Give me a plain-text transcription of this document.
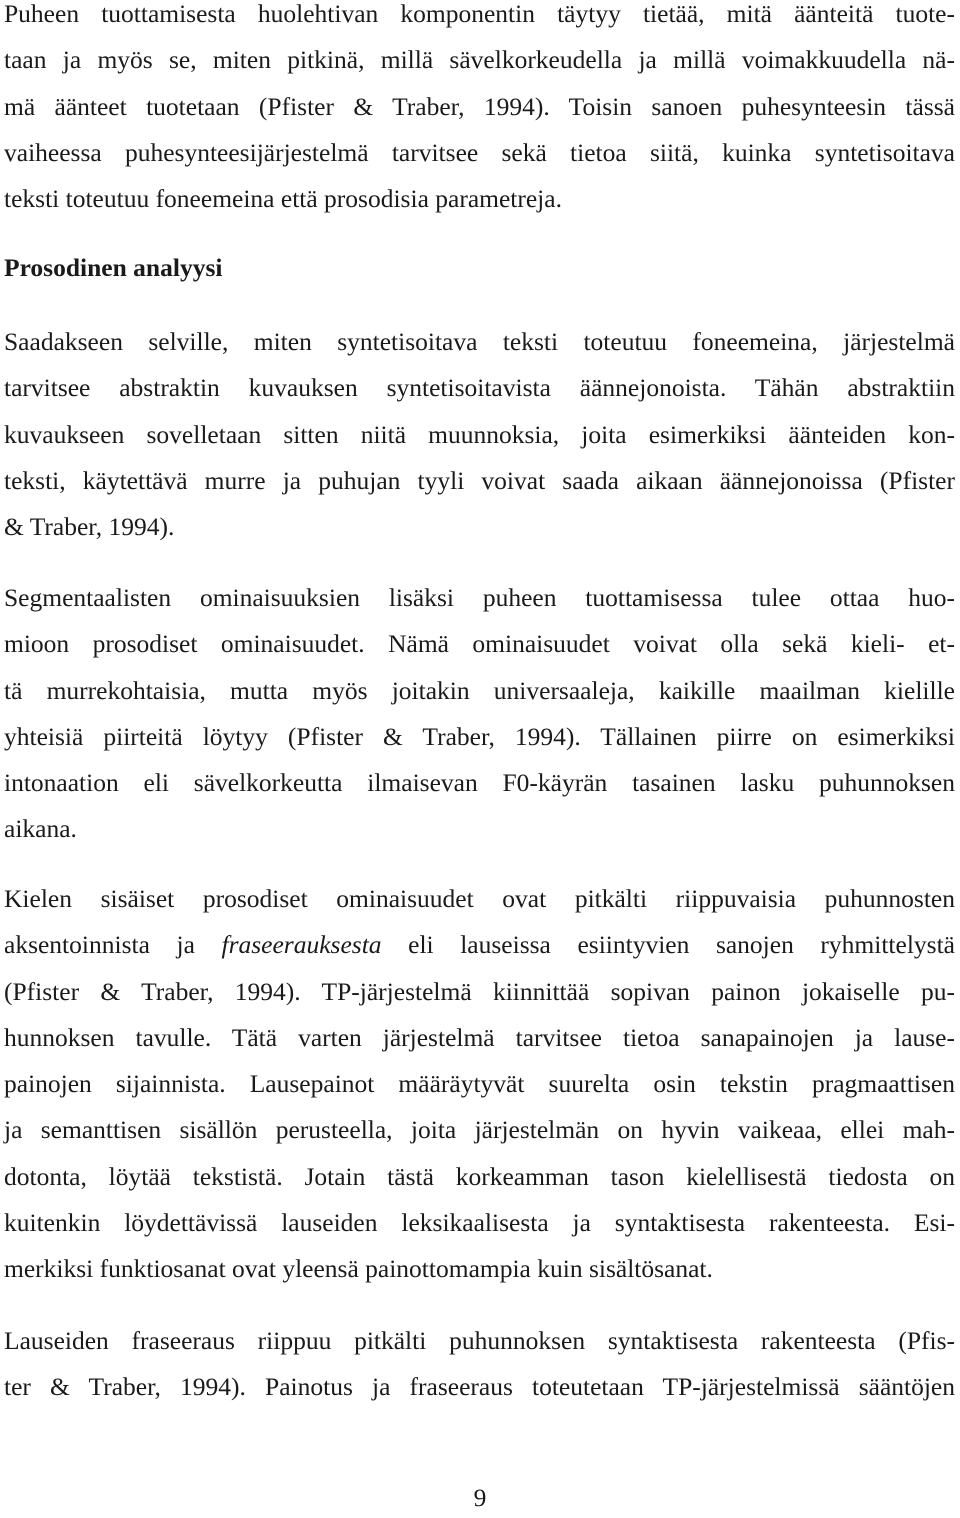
Puheen tuottamisesta huolehtivan komponentin täytyy tietää, mitä äänteitä tuote-
taan ja myös se, miten pitkinä, millä sävelkorkeudella ja millä voimakkuudella nä-
mä äänteet tuotetaan (Pfister & Traber, 1994). Toisin sanoen puhesynteesin tässä
vaiheessa puhesynteesijärjestelmä tarvitsee sekä tietoa siitä, kuinka syntetisoitava
teksti toteutuu foneemeina että prosodisia parametreja.
Prosodinen analyysi
Saadakseen selville, miten syntetisoitava teksti toteutuu foneemeina, järjestelmä
tarvitsee abstraktin kuvauksen syntetisoitavista äännejonoista. Tähän abstraktiin
kuvaukseen sovelletaan sitten niitä muunnoksia, joita esimerkiksi äänteiden kon-
teksti, käytettävä murre ja puhujan tyyli voivat saada aikaan äännejonoissa (Pfister
& Traber, 1994).
Segmentaalisten ominaisuuksien lisäksi puheen tuottamisessa tulee ottaa huo-
mioon prosodiset ominaisuudet. Nämä ominaisuudet voivat olla sekä kieli- et-
tä murrekohtaisia, mutta myös joitakin universaaleja, kaikille maailman kielille
yhteisiä piirteitä löytyy (Pfister & Traber, 1994). Tällainen piirre on esimerkiksi
intonaation eli sävelkorkeutta ilmaisevan F0-käyrän tasainen lasku puhunnoksen
aikana.
Kielen sisäiset prosodiset ominaisuudet ovat pitkälti riippuvaisia puhunnosten
aksentoinnista ja fraseerauksesta eli lauseissa esiintyvien sanojen ryhmittelystä
(Pfister & Traber, 1994). TP-järjestelmä kiinnittää sopivan painon jokaiselle pu-
hunnoksen tavulle. Tätä varten järjestelmä tarvitsee tietoa sanapainojen ja lause-
painojen sijainnista. Lausepainot määräytyvät suurelta osin tekstin pragmaattisen
ja semanttisen sisällön perusteella, joita järjestelmän on hyvin vaikeaa, ellei mah-
dotonta, löytää tekstistä. Jotain tästä korkeamman tason kielellisestä tiedosta on
kuitenkin löydettävissä lauseiden leksikaalisesta ja syntaktisesta rakenteesta. Esi-
merkiksi funktiosanat ovat yleensä painottomampia kuin sisältösanat.
Lauseiden fraseeraus riippuu pitkälti puhunnoksen syntaktisesta rakenteesta (Pfis-
ter & Traber, 1994). Painotus ja fraseeraus toteutetaan TP-järjestelmissä sääntöjen
9
